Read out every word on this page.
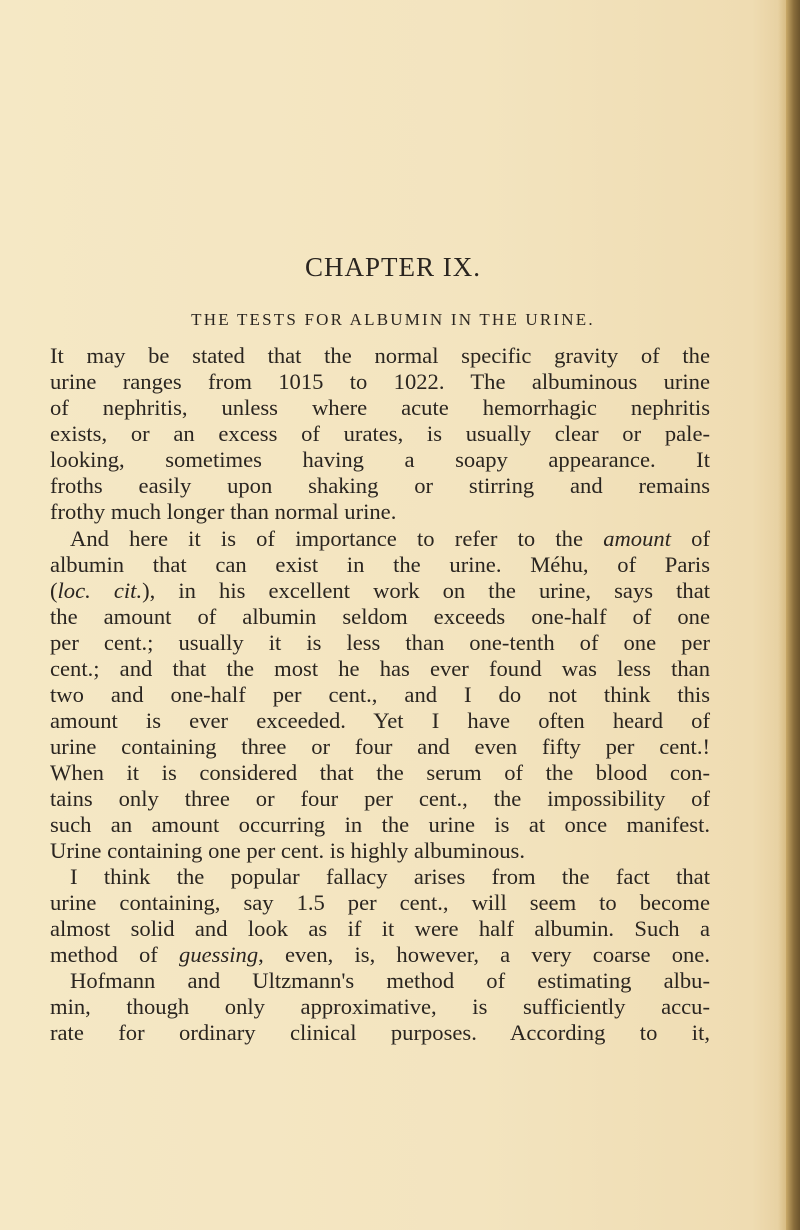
CHAPTER IX.
THE TESTS FOR ALBUMIN IN THE URINE.
It may be stated that the normal specific gravity of the
urine ranges from 1015 to 1022. The albuminous urine
of nephritis, unless where acute hemorrhagic nephritis
exists, or an excess of urates, is usually clear or pale-
looking, sometimes having a soapy appearance. It
froths easily upon shaking or stirring and remains
frothy much longer than normal urine.
And here it is of importance to refer to the amount of
albumin that can exist in the urine. Méhu, of Paris
(loc. cit.), in his excellent work on the urine, says that
the amount of albumin seldom exceeds one-half of one
per cent.; usually it is less than one-tenth of one per
cent.; and that the most he has ever found was less than
two and one-half per cent., and I do not think this
amount is ever exceeded. Yet I have often heard of
urine containing three or four and even fifty per cent.!
When it is considered that the serum of the blood con-
tains only three or four per cent., the impossibility of
such an amount occurring in the urine is at once manifest.
Urine containing one per cent. is highly albuminous.
I think the popular fallacy arises from the fact that
urine containing, say 1.5 per cent., will seem to become
almost solid and look as if it were half albumin. Such a
method of guessing, even, is, however, a very coarse one.
Hofmann and Ultzmann's method of estimating albu-
min, though only approximative, is sufficiently accu-
rate for ordinary clinical purposes. According to it,
